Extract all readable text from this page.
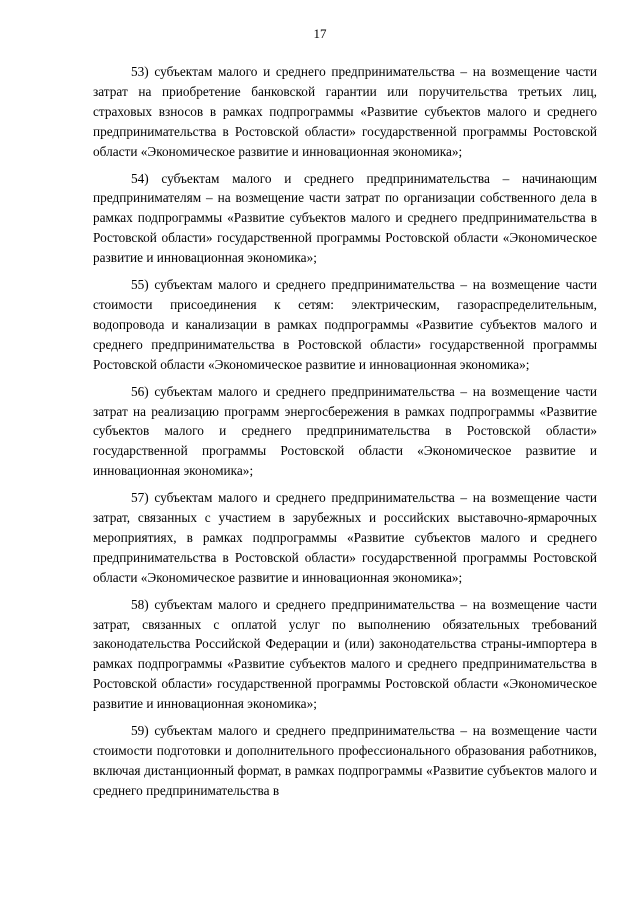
17

53) субъектам малого и среднего предпринимательства – на возмещение части затрат на приобретение банковской гарантии или поручительства третьих лиц, страховых взносов в рамках подпрограммы «Развитие субъектов малого и среднего предпринимательства в Ростовской области» государственной программы Ростовской области «Экономическое развитие и инновационная экономика»;

54) субъектам малого и среднего предпринимательства – начинающим предпринимателям – на возмещение части затрат по организации собственного дела в рамках подпрограммы «Развитие субъектов малого и среднего предпринимательства в Ростовской области» государственной программы Ростовской области «Экономическое развитие и инновационная экономика»;

55) субъектам малого и среднего предпринимательства – на возмещение части стоимости присоединения к сетям: электрическим, газораспределительным, водопровода и канализации в рамках подпрограммы «Развитие субъектов малого и среднего предпринимательства в Ростовской области» государственной программы Ростовской области «Экономическое развитие и инновационная экономика»;

56) субъектам малого и среднего предпринимательства – на возмещение части затрат на реализацию программ энергосбережения в рамках подпрограммы «Развитие субъектов малого и среднего предпринимательства в Ростовской области» государственной программы Ростовской области «Экономическое развитие и инновационная экономика»;

57) субъектам малого и среднего предпринимательства – на возмещение части затрат, связанных с участием в зарубежных и российских выставочно-ярмарочных мероприятиях, в рамках подпрограммы «Развитие субъектов малого и среднего предпринимательства в Ростовской области» государственной программы Ростовской области «Экономическое развитие и инновационная экономика»;

58) субъектам малого и среднего предпринимательства – на возмещение части затрат, связанных с оплатой услуг по выполнению обязательных требований законодательства Российской Федерации и (или) законодательства страны-импортера в рамках подпрограммы «Развитие субъектов малого и среднего предпринимательства в Ростовской области» государственной программы Ростовской области «Экономическое развитие и инновационная экономика»;

59) субъектам малого и среднего предпринимательства – на возмещение части стоимости подготовки и дополнительного профессионального образования работников, включая дистанционный формат, в рамках подпрограммы «Развитие субъектов малого и среднего предпринимательства в
